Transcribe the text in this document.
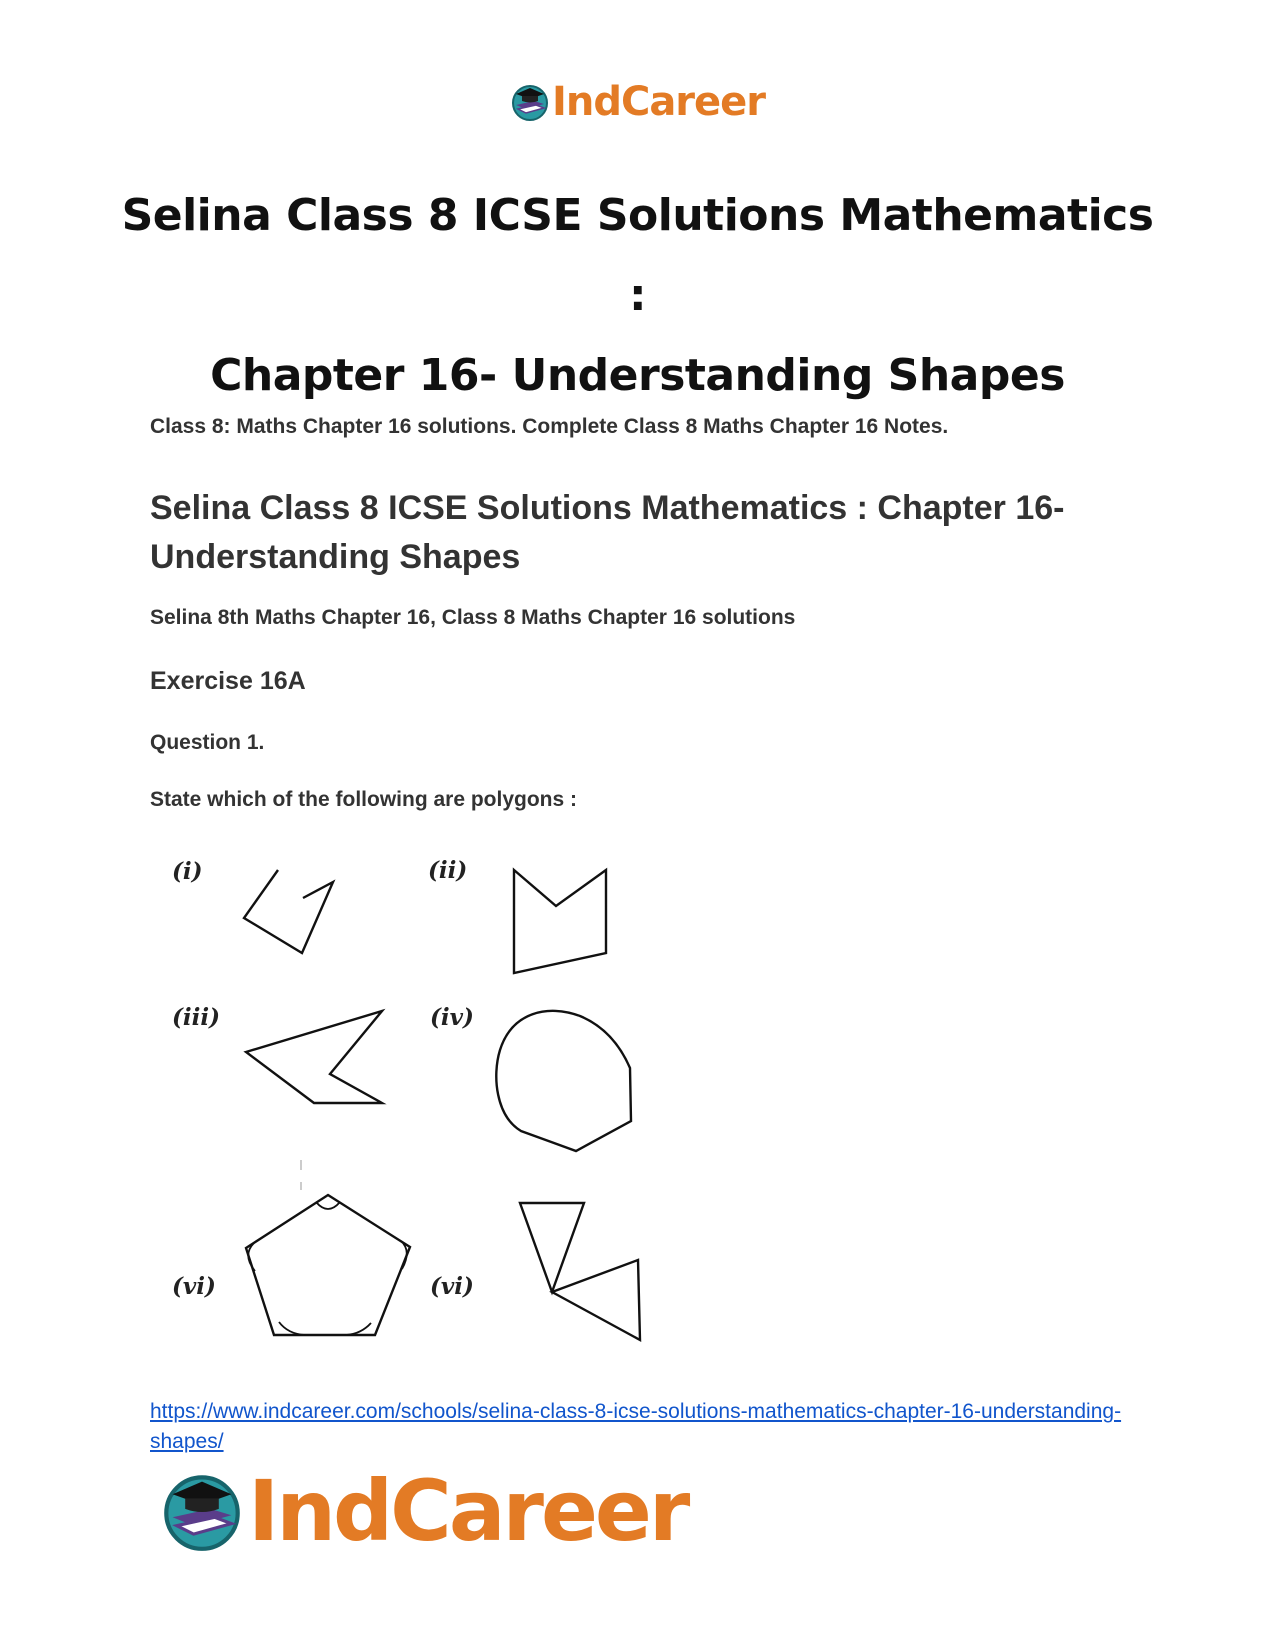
IndCareer
Selina Class 8 ICSE Solutions Mathematics :
Chapter 16- Understanding Shapes

Class 8: Maths Chapter 16 solutions. Complete Class 8 Maths Chapter 16 Notes.

Selina Class 8 ICSE Solutions Mathematics : Chapter 16- Understanding Shapes

Selina 8th Maths Chapter 16, Class 8 Maths Chapter 16 solutions

Exercise 16A

Question 1.

State which of the following are polygons :

(i)	(ii)
(iii)	(iv)
(vi)	(vi)
https://www.indcareer.com/schools/selina-class-8-icse-solutions-mathematics-chapter-16-understanding-shapes/
IndCareer
